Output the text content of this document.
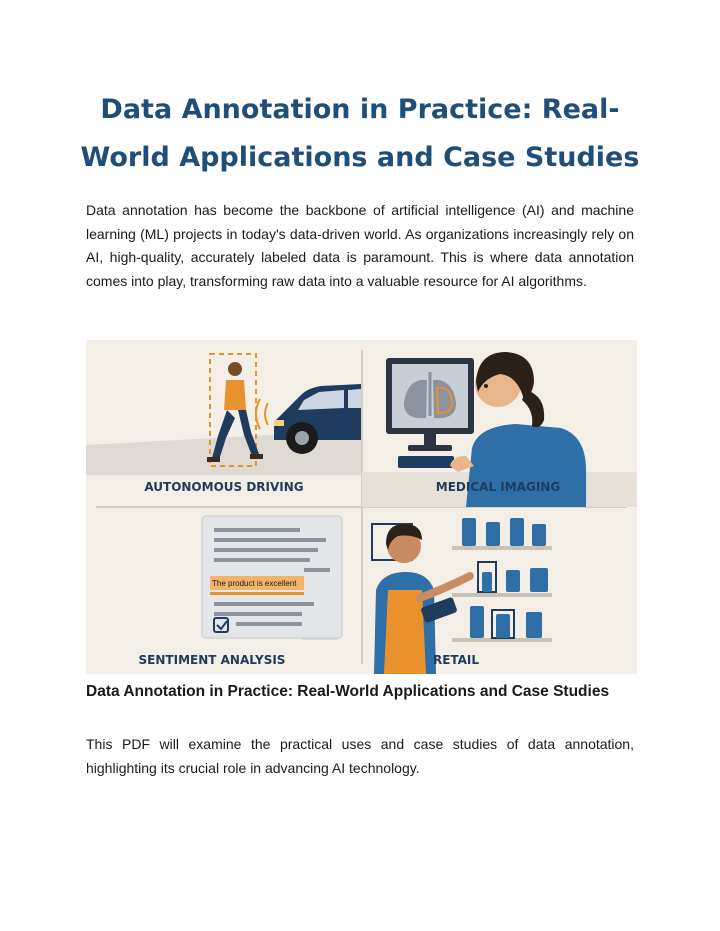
Data Annotation in Practice: Real-World Applications and Case Studies

Data annotation has become the backbone of artificial intelligence (AI) and machine learning (ML) projects in today's data-driven world. As organizations increasingly rely on AI, high-quality, accurately labeled data is paramount. This is where data annotation comes into play, transforming raw data into a valuable resource for AI algorithms.

AUTONOMOUS DRIVING	MEDICAL IMAGING
The product is excellent
SENTIMENT ANALYSIS	RETAIL

Data Annotation in Practice: Real-World Applications and Case Studies

This PDF will examine the practical uses and case studies of data annotation, highlighting its crucial role in advancing AI technology.
